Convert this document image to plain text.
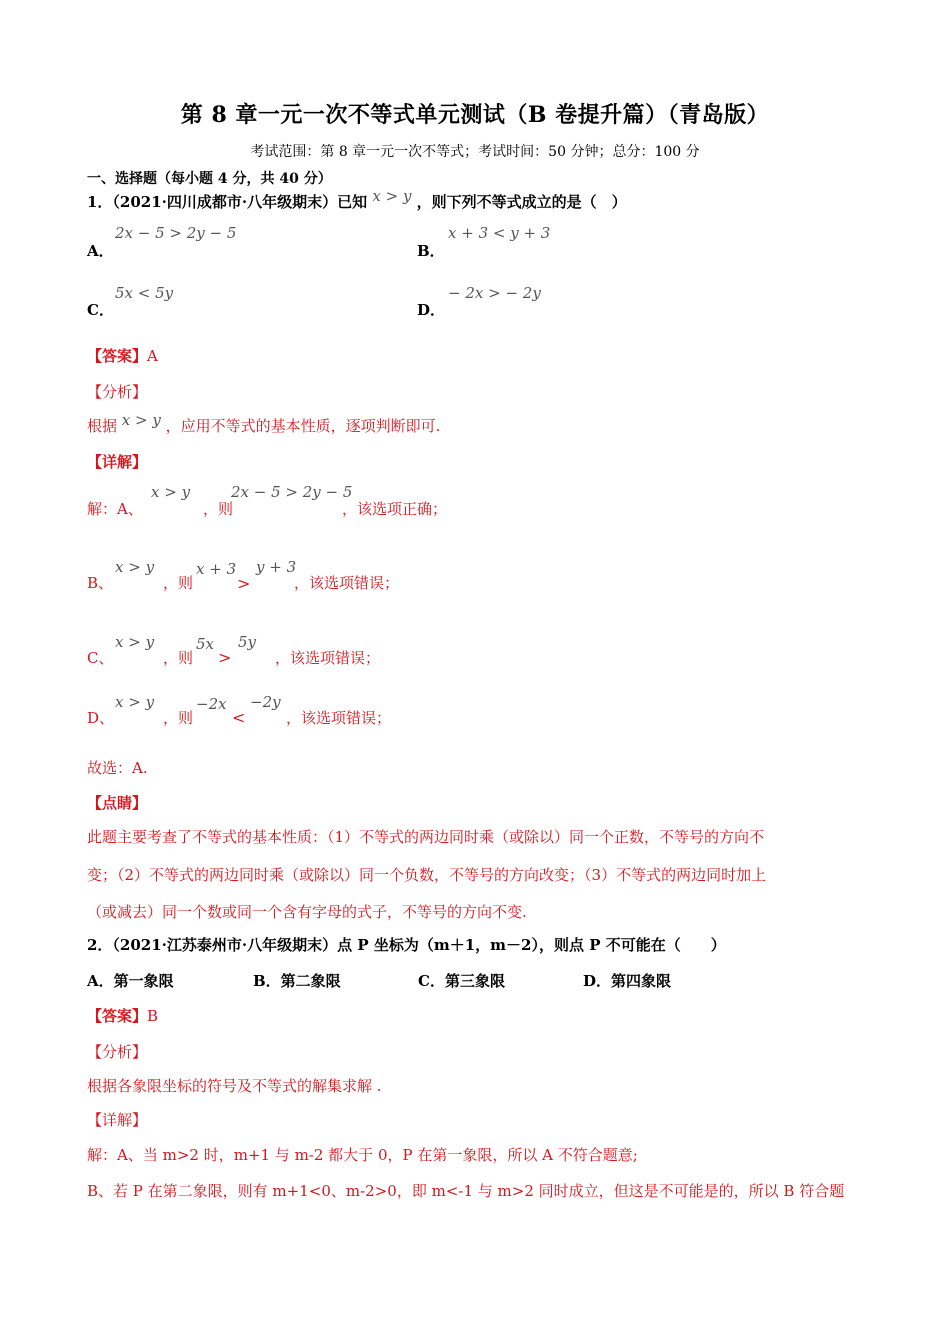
第 8 章一元一次不等式单元测试（B 卷提升篇）（青岛版）
考试范围：第 8 章一元一次不等式；考试时间：50 分钟；总分：100 分
一、选择题（每小题 4 分，共 40 分）
1．（2021·四川成都市·八年级期末）已知 x > y ，则下列不等式成立的是（　）
A．
2x − 5 > 2y − 5
B．
x + 3 < y + 3
C．
5x < 5y
D．
− 2x > − 2y
【答案】A
【分析】
根据 x > y ，应用不等式的基本性质，逐项判断即可.
【详解】
解：A、
x > y
，则
2x − 5 > 2y − 5
，该选项正确；
B、
x > y
，则
x + 3
>
y + 3
，该选项错误；
C、
x > y
，则
5x
>
5y
，该选项错误；
D、
x > y
，则
−2x
<
−2y
，该选项错误；
故选：A.
【点睛】
此题主要考查了不等式的基本性质：（1）不等式的两边同时乘（或除以）同一个正数，不等号的方向不
变；（2）不等式的两边同时乘（或除以）同一个负数，不等号的方向改变；（3）不等式的两边同时加上
（或减去）同一个数或同一个含有字母的式子，不等号的方向不变.
2．（2021·江苏泰州市·八年级期末）点 P 坐标为（m＋1，m－2），则点 P 不可能在（　　）
A．第一象限	B．第二象限	C．第三象限	D．第四象限
【答案】B
【分析】
根据各象限坐标的符号及不等式的解集求解 .
【详解】
解：A、当 m>2 时，m+1 与 m-2 都大于 0，P 在第一象限，所以 A 不符合题意;
B、若 P 在第二象限，则有 m+1<0、m-2>0，即 m<-1 与 m>2 同时成立，但这是不可能是的，所以 B 符合题
